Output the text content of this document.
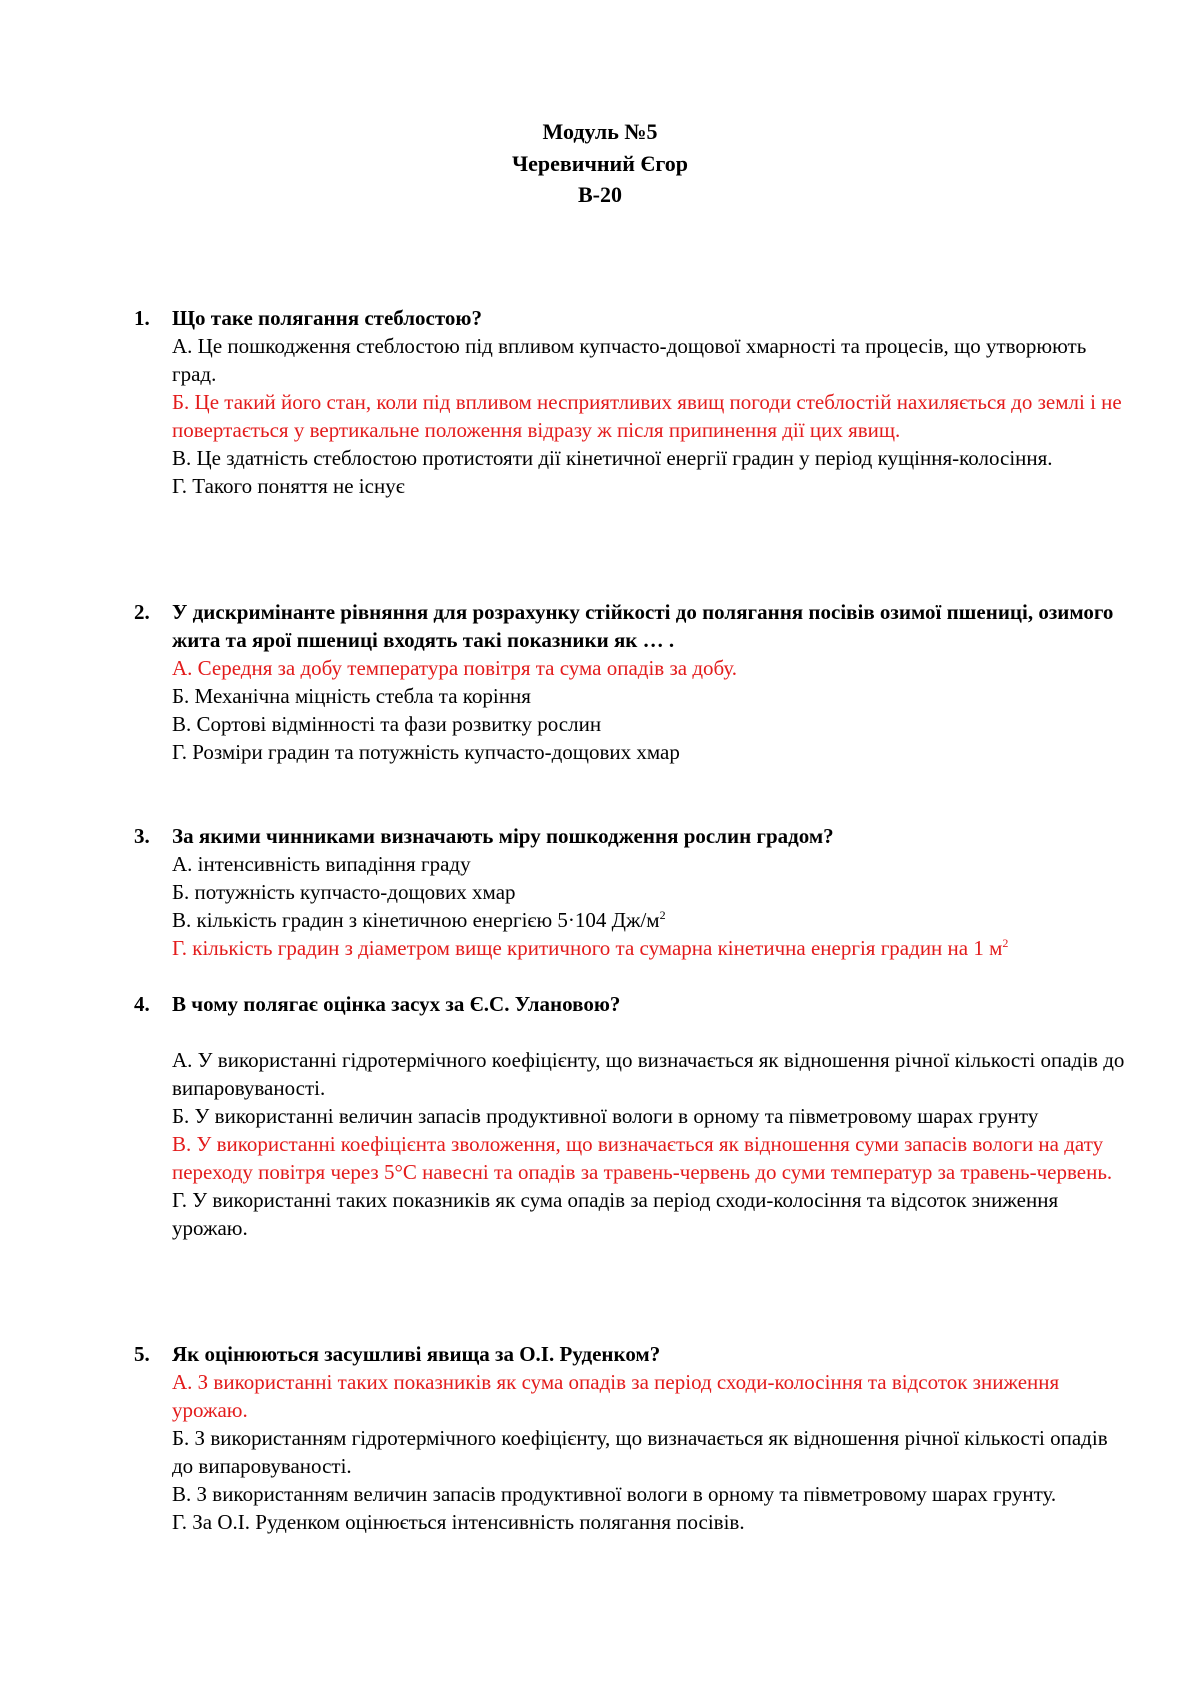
Модуль №5
Черевичний Єгор
В-20
1. Що таке полягання стеблостою?
А. Це пошкодження стеблостою під впливом купчасто-дощової хмарності та процесів, що утворюють град.
Б. Це такий його стан, коли під впливом несприятливих явищ погоди стеблостій нахиляється до землі і не повертається у вертикальне положення відразу ж після припинення дії цих явищ.
В. Це здатність стеблостою протистояти дії кінетичної енергії градин у період кущіння-колосіння.
Г. Такого поняття не існує
2. У дискримінанте рівняння для розрахунку стійкості до полягання посівів озимої пшениці, озимого жита та ярої пшениці входять такі показники як … .
А. Середня за добу температура повітря та сума опадів за добу.
Б. Механічна міцність стебла та коріння
В. Сортові відмінності та фази розвитку рослин
Г. Розміри градин та потужність купчасто-дощових хмар
3. За якими чинниками визначають міру пошкодження рослин градом?
А. інтенсивність випадіння граду
Б. потужність купчасто-дощових хмар
В. кількість градин з кінетичною енергією 5·104 $Дж/м^2$
Г. кількість градин з діаметром вище критичного та сумарна кінетична енергія градин на 1 $м^2$
4. В чому полягає оцінка засух за Є.С. Улановою?
А. У використанні гідротермічного коефіцієнту, що визначається як відношення річної кількості опадів до випаровуваності.
Б. У використанні величин запасів продуктивної вологи в орному та півметровому шарах грунту
В. У використанні коефіцієнта зволоження, що визначається як відношення суми запасів вологи на дату переходу повітря через 5°С навесні та опадів за травень-червень до суми температур за травень-червень.
Г. У використанні таких показників як сума опадів за період сходи-колосіння та відсоток зниження урожаю.
5. Як оцінюються засушливі явища за О.І. Руденком?
А. З використанні таких показників як сума опадів за період сходи-колосіння та відсоток зниження урожаю.
Б. З використанням гідротермічного коефіцієнту, що визначається як відношення річної кількості опадів до випаровуваності.
В. З використанням величин запасів продуктивної вологи в орному та півметровому шарах грунту.
Г. За О.І. Руденком оцінюється інтенсивність полягання посівів.
